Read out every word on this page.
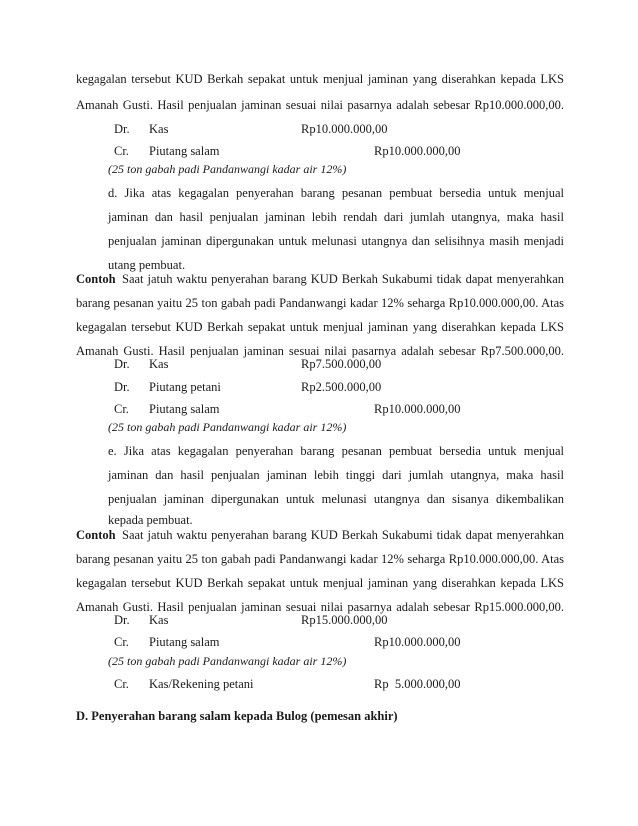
kegagalan tersebut KUD Berkah sepakat untuk menjual jaminan yang diserahkan kepada LKS
Amanah Gusti. Hasil penjualan jaminan sesuai nilai pasarnya adalah sebesar Rp10.000.000,00.
Dr. Kas	Rp10.000.000,00
Cr. Piutang salam	Rp10.000.000,00
(25 ton gabah padi Pandanwangi kadar air 12%)
d. Jika atas kegagalan penyerahan barang pesanan pembuat bersedia untuk menjual
jaminan dan hasil penjualan jaminan lebih rendah dari jumlah utangnya, maka hasil
penjualan jaminan dipergunakan untuk melunasi utangnya dan selisihnya masih menjadi
utang pembuat.
Contoh Saat jatuh waktu penyerahan barang KUD Berkah Sukabumi tidak dapat menyerahkan
barang pesanan yaitu 25 ton gabah padi Pandanwangi kadar 12% seharga Rp10.000.000,00. Atas
kegagalan tersebut KUD Berkah sepakat untuk menjual jaminan yang diserahkan kepada LKS
Amanah Gusti. Hasil penjualan jaminan sesuai nilai pasarnya adalah sebesar Rp7.500.000,00.
Dr. Kas	Rp7.500.000,00
Dr. Piutang petani	Rp2.500.000,00
Cr. Piutang salam	Rp10.000.000,00
(25 ton gabah padi Pandanwangi kadar air 12%)
e. Jika atas kegagalan penyerahan barang pesanan pembuat bersedia untuk menjual
jaminan dan hasil penjualan jaminan lebih tinggi dari jumlah utangnya, maka hasil
penjualan jaminan dipergunakan untuk melunasi utangnya dan sisanya dikembalikan
kepada pembuat.
Contoh Saat jatuh waktu penyerahan barang KUD Berkah Sukabumi tidak dapat menyerahkan
barang pesanan yaitu 25 ton gabah padi Pandanwangi kadar 12% seharga Rp10.000.000,00. Atas
kegagalan tersebut KUD Berkah sepakat untuk menjual jaminan yang diserahkan kepada LKS
Amanah Gusti. Hasil penjualan jaminan sesuai nilai pasarnya adalah sebesar Rp15.000.000,00.
Dr. Kas	Rp15.000.000,00
Cr. Piutang salam	Rp10.000.000,00
(25 ton gabah padi Pandanwangi kadar air 12%)
Cr. Kas/Rekening petani	Rp  5.000.000,00
D. Penyerahan barang salam kepada Bulog (pemesan akhir)
